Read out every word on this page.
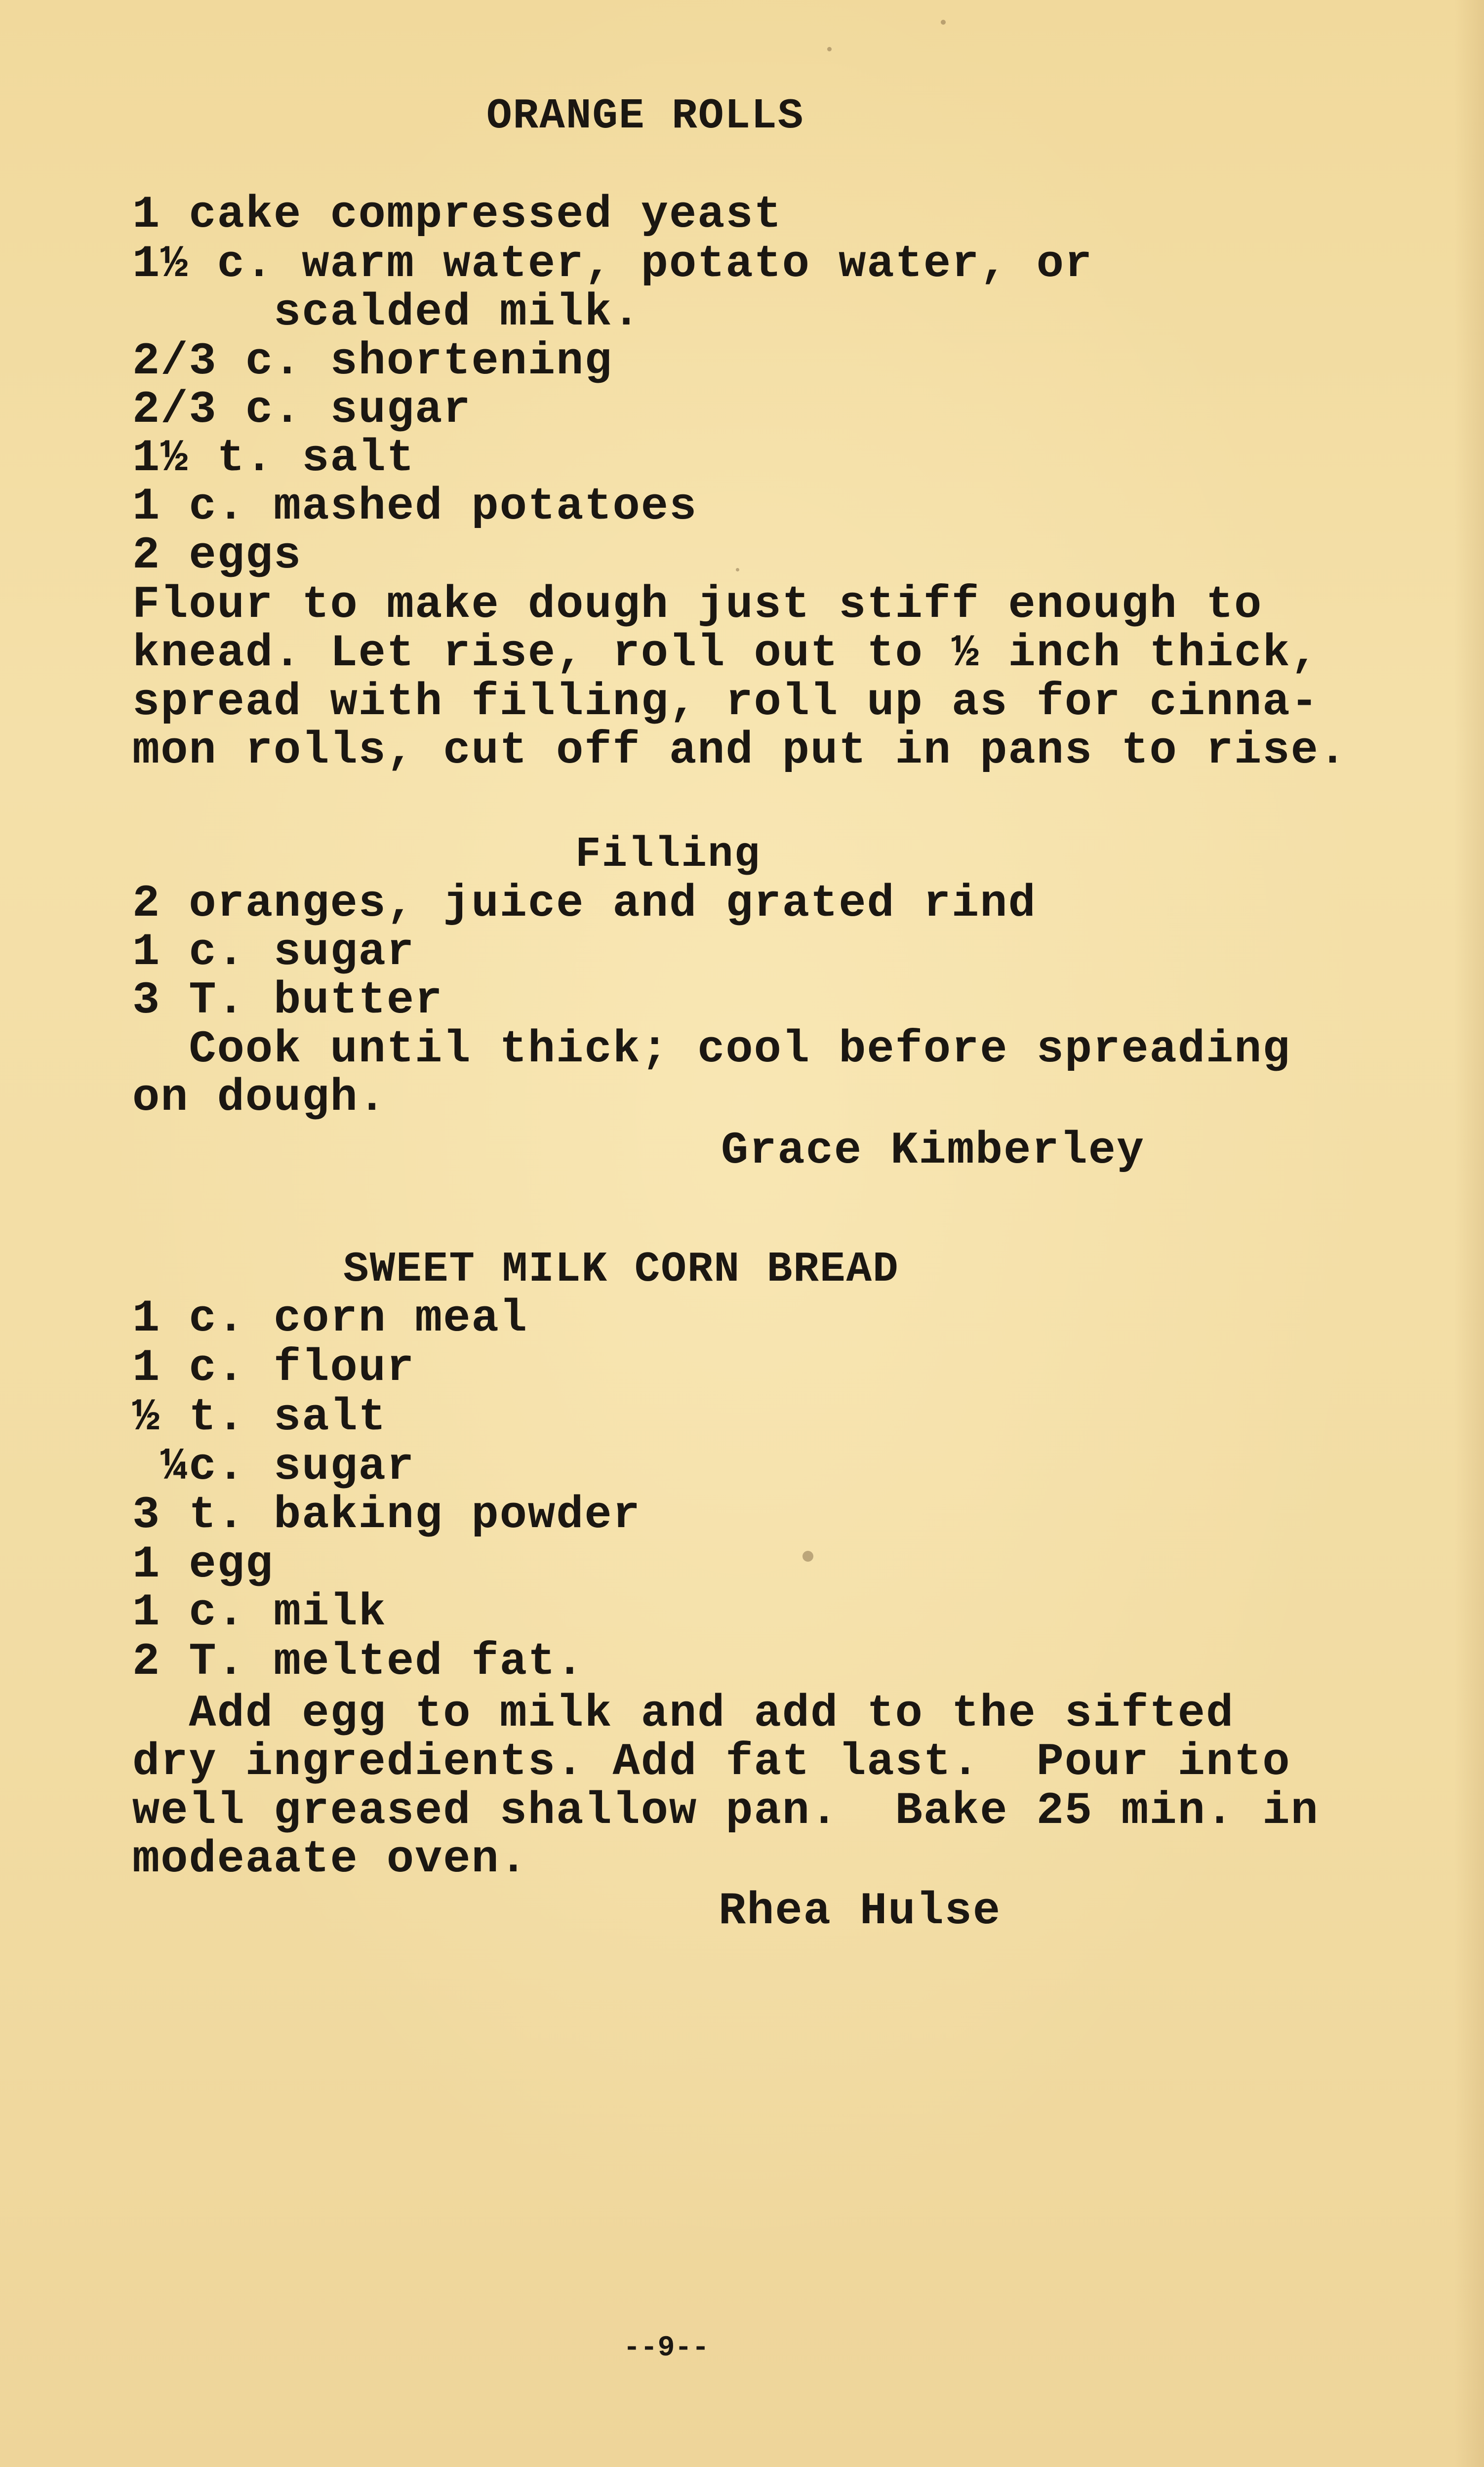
ORANGE ROLLS
1 cake compressed yeast
1½ c. warm water, potato water, or
scalded milk.
2/3 c. shortening
2/3 c. sugar
1½ t. salt
1 c. mashed potatoes
2 eggs
Flour to make dough just stiff enough to
knead. Let rise, roll out to ½ inch thick,
spread with filling, roll up as for cinna-
mon rolls, cut off and put in pans to rise.
Filling
2 oranges, juice and grated rind
1 c. sugar
3 T. butter
Cook until thick; cool before spreading
on dough.
Grace Kimberley
SWEET MILK CORN BREAD
1 c. corn meal
1 c. flour
½ t. salt
¼c. sugar
3 t. baking powder
1 egg
1 c. milk
2 T. melted fat.
Add egg to milk and add to the sifted
dry ingredients. Add fat last.  Pour into
well greased shallow pan.  Bake 25 min. in
modeaate oven.
Rhea Hulse
--9--
